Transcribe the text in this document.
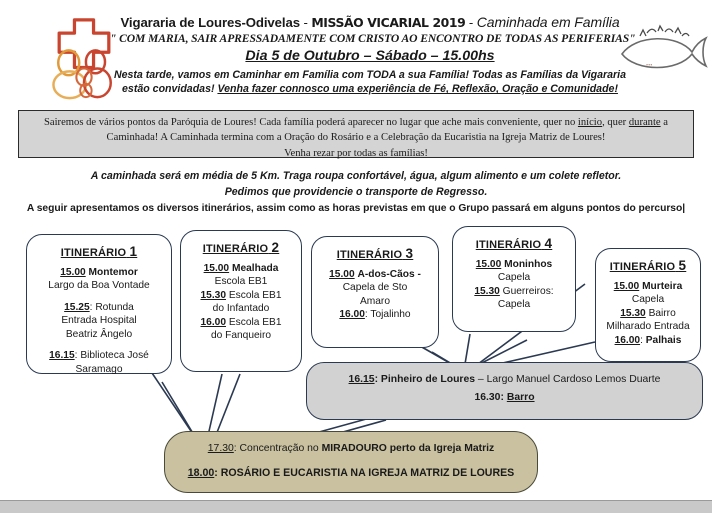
Vigararia de Loures-Odivelas - MISSÃO VICARIAL 2019 - Caminhada em Família
" COM MARIA, SAIR APRESSADAMENTE COM CRISTO AO ENCONTRO DE TODAS AS PERIFERIAS"
Dia 5 de Outubro – Sábado – 15.00hs
Nesta tarde, vamos em Caminhar em Família com TODA a sua Família! Todas as Famílias da Vigararia estão convidadas! Venha fazer connosco uma experiência de Fé, Reflexão, Oração e Comunidade!
•••
Sairemos de vários pontos da Paróquia de Loures! Cada família poderá aparecer no lugar que ache mais conveniente, quer no início, quer durante a Caminhada! A Caminhada termina com a Oração do Rosário e a Celebração da Eucaristia na Igreja Matriz de Loures!
Venha rezar por todas as famílias!
A caminhada será em média de 5 Km. Traga roupa confortável, água, algum alimento e um colete refletor.
Pedimos que providencie o transporte de Regresso.
A seguir apresentamos os diversos itinerários, assim como as horas previstas em que o Grupo passará em alguns pontos do percurso|
ITINERÁRIO 1

15.00 Montemor

Largo da Boa Vontade

15.25: Rotunda

Entrada Hospital

Beatriz Ângelo

16.15: Biblioteca José

Saramago

ITINERÁRIO 2

15.00 Mealhada

Escola EB1

15.30 Escola EB1

do Infantado

16.00 Escola EB1

do Fanqueiro

ITINERÁRIO 3

15.00 A-dos-Cãos -

Capela de Sto

Amaro

16.00: Tojalinho

ITINERÁRIO 4

15.00 Moninhos

Capela

15.30 Guerreiros:

Capela

ITINERÁRIO 5

15.00 Murteira

Capela

15.30 Bairro

Milharado Entrada

16.00: Palhais

16.15: Pinheiro de Loures – Largo Manuel Cardoso Lemos Duarte
16.30: Barro
17.30: Concentração no MIRADOURO perto da Igreja Matriz
18.00: ROSÁRIO E EUCARISTIA NA IGREJA MATRIZ DE LOURES
